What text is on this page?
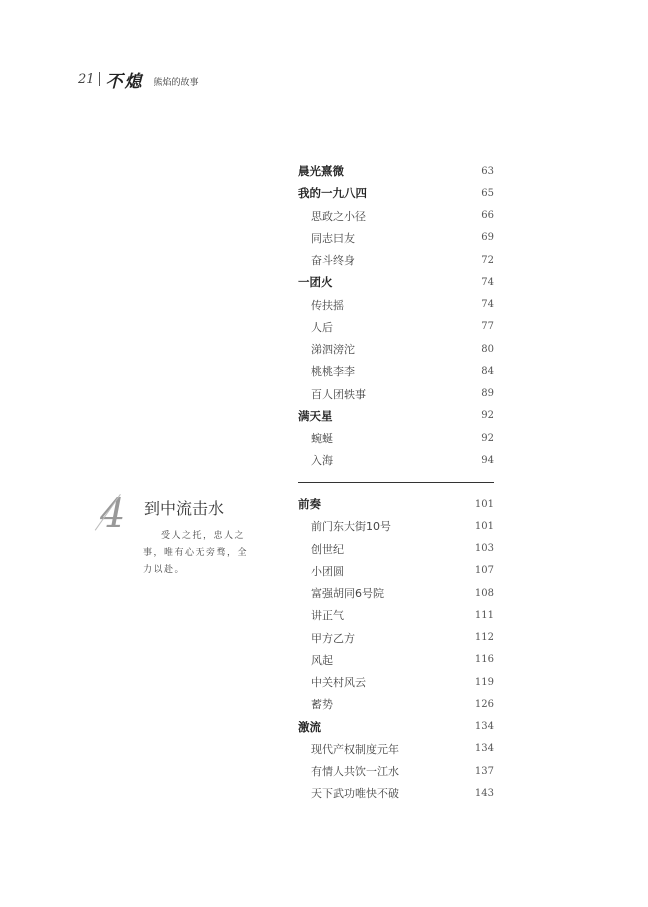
21 不熄 熊焰的故事
晨光熹微	63
我的一九八四	65
思政之小径	66
同志曰友	69
奋斗终身	72
一团火	74
传扶摇	74
人后	77
涕泗滂沱	80
桃桃李李	84
百人团轶事	89
满天星	92
蜿蜒	92
入海	94
前奏	101
前门东大街10号	101
创世纪	103
小团圆	107
富强胡同6号院	108
讲正气	111
甲方乙方	112
风起	116
中关村风云	119
蓄势	126
激流	134
现代产权制度元年	134
有情人共饮一江水	137
天下武功唯快不破	143
4 到中流击水
受人之托，忠人之事，唯有心无旁骛，全力以赴。
